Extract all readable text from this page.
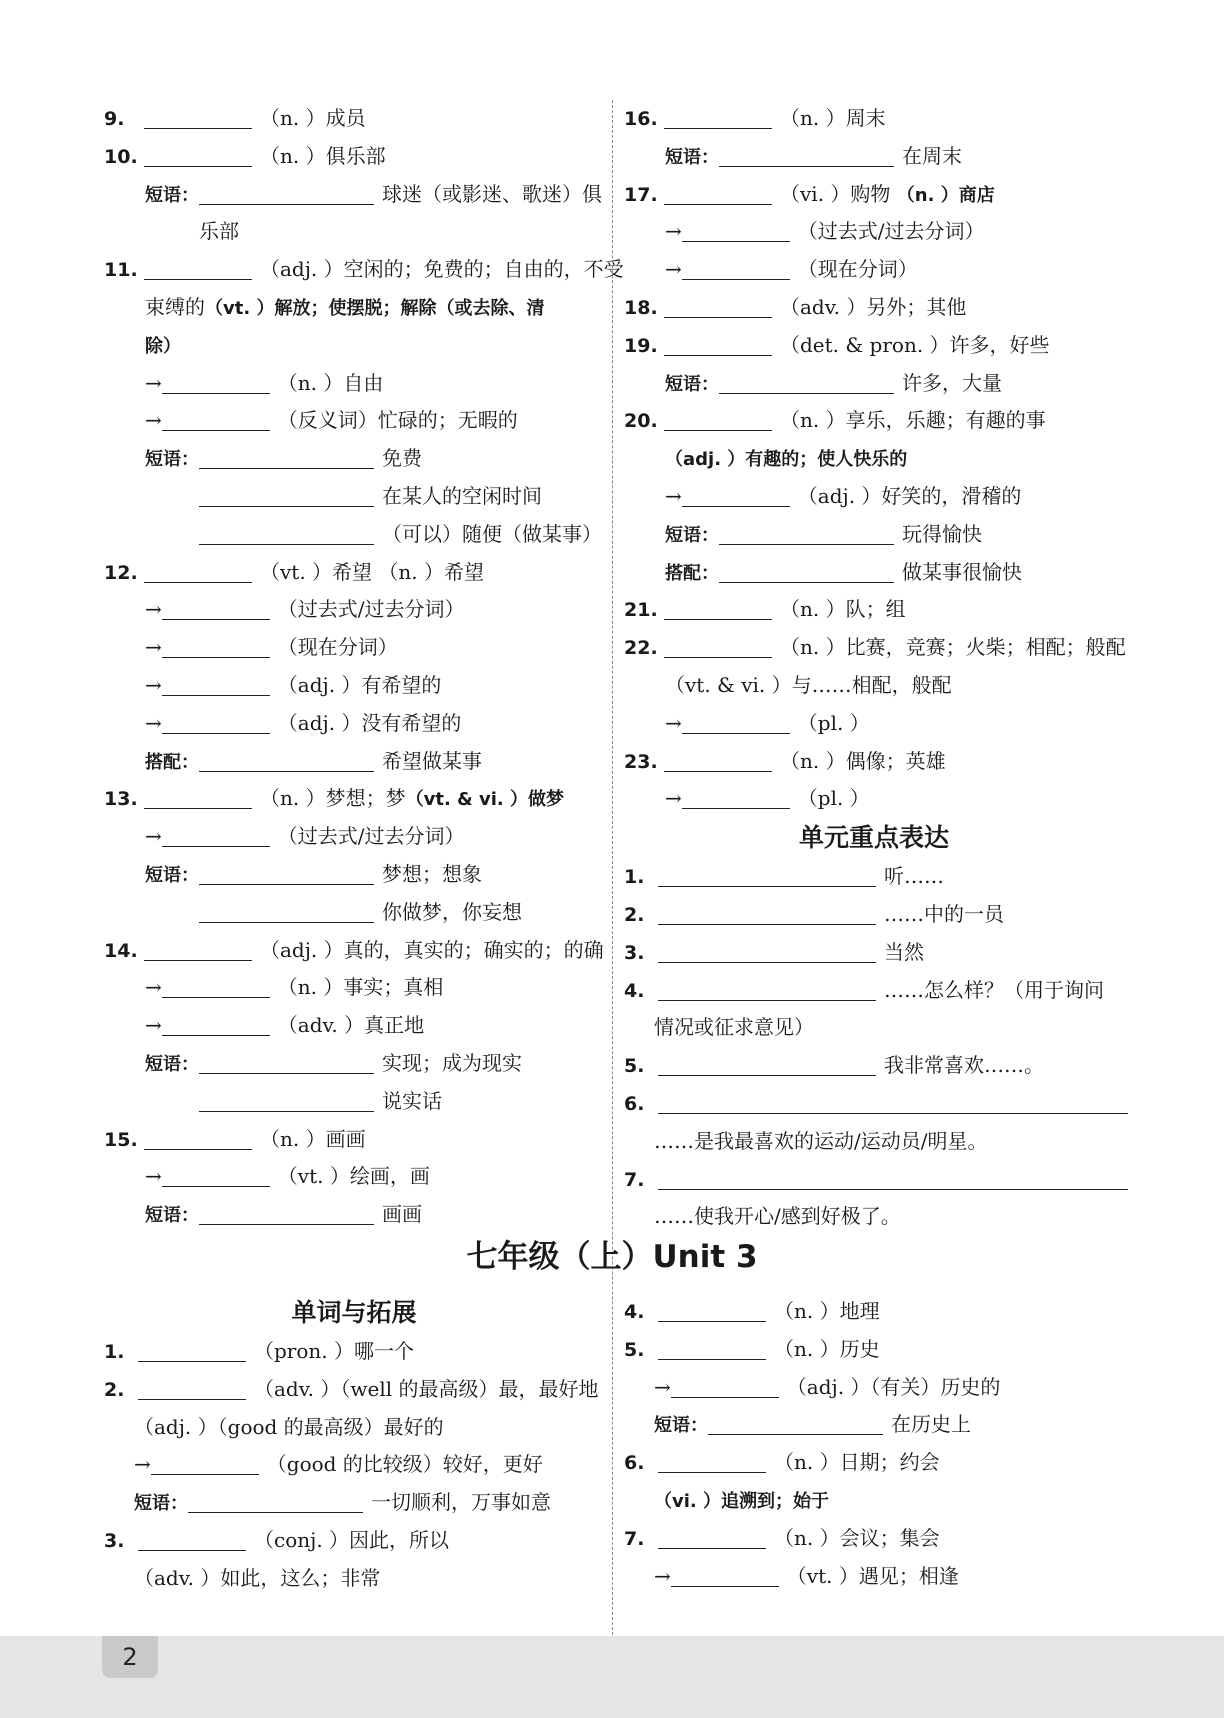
9.	（n. ）成员
10.	（n. ）俱乐部
短语：	球迷（或影迷、歌迷）俱
乐部
11.	（adj. ）空闲的；免费的；自由的，不受
束缚的（vt. ）解放；使摆脱；解除（或去除、清
除）
→	（n. ）自由
→	（反义词）忙碌的；无暇的
短语：	免费
在某人的空闲时间
（可以）随便（做某事）
12.	（vt. ）希望 （n. ）希望
→	（过去式/过去分词）
→	（现在分词）
→	（adj. ）有希望的
→	（adj. ）没有希望的
搭配：	希望做某事
13.	（n. ）梦想；梦（vt. & vi. ）做梦
→	（过去式/过去分词）
短语：	梦想；想象
你做梦，你妄想
14.	（adj. ）真的，真实的；确实的；的确
→	（n. ）事实；真相
→	（adv. ）真正地
短语：	实现；成为现实
说实话
15.	（n. ）画画
→	（vt. ）绘画，画
短语：	画画
16.	（n. ）周末
短语：	在周末
17.	（vi. ）购物 （n. ）商店
→	（过去式/过去分词）
→	（现在分词）
18.	（adv. ）另外；其他
19.	（det. & pron. ）许多，好些
短语：	许多，大量
20.	（n. ）享乐，乐趣；有趣的事
（adj. ）有趣的；使人快乐的
→	（adj. ）好笑的，滑稽的
短语：	玩得愉快
搭配：	做某事很愉快
21.	（n. ）队；组
22.	（n. ）比赛，竞赛；火柴；相配；般配
（vt. & vi. ）与……相配，般配
→	（pl. ）
23.	（n. ）偶像；英雄
→	（pl. ）
单元重点表达
1.	听……
2.	……中的一员
3.	当然
4.	……怎么样？（用于询问
情况或征求意见）
5.	我非常喜欢……。
6.
……是我最喜欢的运动/运动员/明星。
7.
……使我开心/感到好极了。
七年级（上）Unit 3
单词与拓展
1.	（pron. ）哪一个
2.	（adv. ）（well 的最高级）最，最好地
（adj. ）（good 的最高级）最好的
→	（good 的比较级）较好，更好
短语：	一切顺利，万事如意
3.	（conj. ）因此，所以
（adv. ）如此，这么；非常
4.	（n. ）地理
5.	（n. ）历史
→	（adj. ）（有关）历史的
短语：	在历史上
6.	（n. ）日期；约会
（vi. ）追溯到；始于
7.	（n. ）会议；集会
→	（vt. ）遇见；相逢
2
